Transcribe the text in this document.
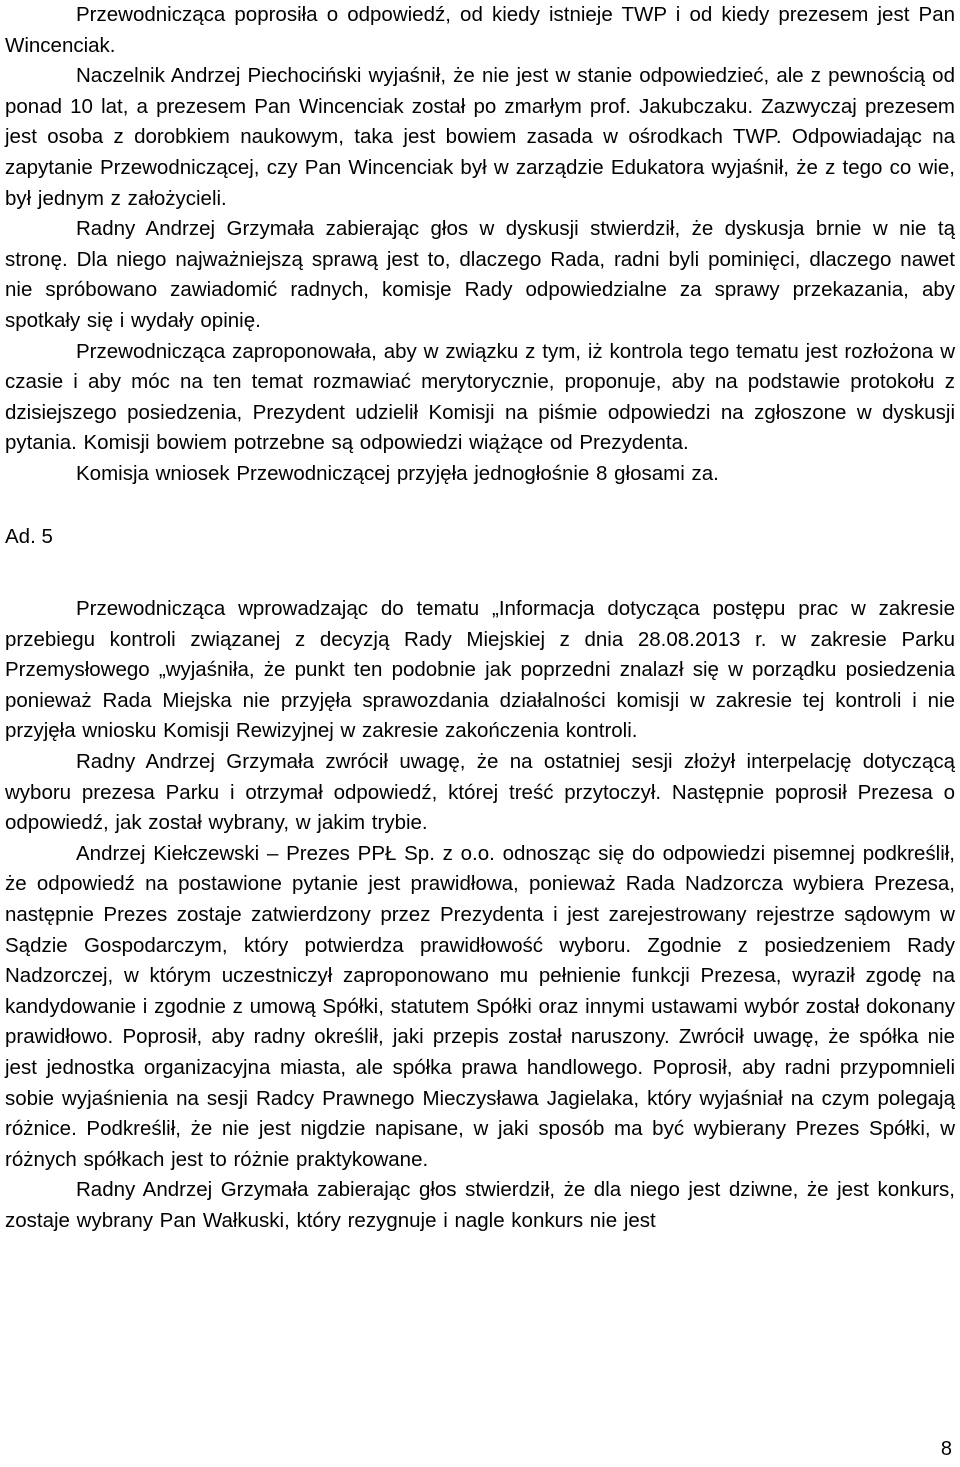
Przewodnicząca poprosiła o odpowiedź, od kiedy istnieje TWP i od kiedy prezesem jest Pan Wincenciak.

Naczelnik Andrzej Piechociński wyjaśnił, że nie jest w stanie odpowiedzieć, ale z pewnością od ponad 10 lat, a prezesem Pan Wincenciak został po zmarłym prof. Jakubczaku. Zazwyczaj prezesem jest osoba z dorobkiem naukowym, taka jest bowiem zasada w ośrodkach TWP. Odpowiadając na zapytanie Przewodniczącej, czy Pan Wincenciak był w zarządzie Edukatora wyjaśnił, że z tego co wie, był jednym z założycieli.

Radny Andrzej Grzymała zabierając głos w dyskusji stwierdził, że dyskusja brnie w nie tą stronę. Dla niego najważniejszą sprawą jest to, dlaczego Rada, radni byli pominięci, dlaczego nawet nie spróbowano zawiadomić radnych, komisje Rady odpowiedzialne za sprawy przekazania, aby spotkały się i wydały opinię.

Przewodnicząca zaproponowała, aby w związku z tym, iż kontrola tego tematu jest rozłożona w czasie i aby móc na ten temat rozmawiać merytorycznie, proponuje, aby na podstawie protokołu z dzisiejszego posiedzenia, Prezydent udzielił Komisji na piśmie odpowiedzi na zgłoszone w dyskusji pytania. Komisji bowiem potrzebne są odpowiedzi wiążące od Prezydenta.

Komisja wniosek Przewodniczącej przyjęła jednogłośnie 8 głosami za.

Ad. 5

Przewodnicząca wprowadzając do tematu „Informacja dotycząca postępu prac w zakresie przebiegu kontroli związanej z decyzją Rady Miejskiej z dnia 28.08.2013 r. w zakresie Parku Przemysłowego „wyjaśniła, że punkt ten podobnie jak poprzedni znalazł się w porządku posiedzenia ponieważ Rada Miejska nie przyjęła sprawozdania działalności komisji w zakresie tej kontroli i nie przyjęła wniosku Komisji Rewizyjnej w zakresie zakończenia kontroli.

Radny Andrzej Grzymała zwrócił uwagę, że na ostatniej sesji złożył interpelację dotyczącą wyboru prezesa Parku i otrzymał odpowiedź, której treść przytoczył. Następnie poprosił Prezesa o odpowiedź, jak został wybrany, w jakim trybie.

Andrzej Kiełczewski – Prezes PPŁ Sp. z o.o. odnosząc się do odpowiedzi pisemnej podkreślił, że odpowiedź na postawione pytanie jest prawidłowa, ponieważ Rada Nadzorcza wybiera Prezesa, następnie Prezes zostaje zatwierdzony przez Prezydenta i jest zarejestrowany rejestrze sądowym w Sądzie Gospodarczym, który potwierdza prawidłowość wyboru. Zgodnie z posiedzeniem Rady Nadzorczej, w którym uczestniczył zaproponowano mu pełnienie funkcji Prezesa, wyraził zgodę na kandydowanie i zgodnie z umową Spółki, statutem Spółki oraz innymi ustawami wybór został dokonany prawidłowo. Poprosił, aby radny określił, jaki przepis został naruszony. Zwrócił uwagę, że spółka nie jest jednostka organizacyjna miasta, ale spółka prawa handlowego. Poprosił, aby radni przypomnieli sobie wyjaśnienia na sesji Radcy Prawnego Mieczysława Jagielaka, który wyjaśniał na czym polegają różnice. Podkreślił, że nie jest nigdzie napisane, w jaki sposób ma być wybierany Prezes Spółki, w różnych spółkach jest to różnie praktykowane.

Radny Andrzej Grzymała zabierając głos stwierdził, że dla niego jest dziwne, że jest konkurs, zostaje wybrany Pan Wałkuski, który rezygnuje i nagle konkurs nie jest

8
